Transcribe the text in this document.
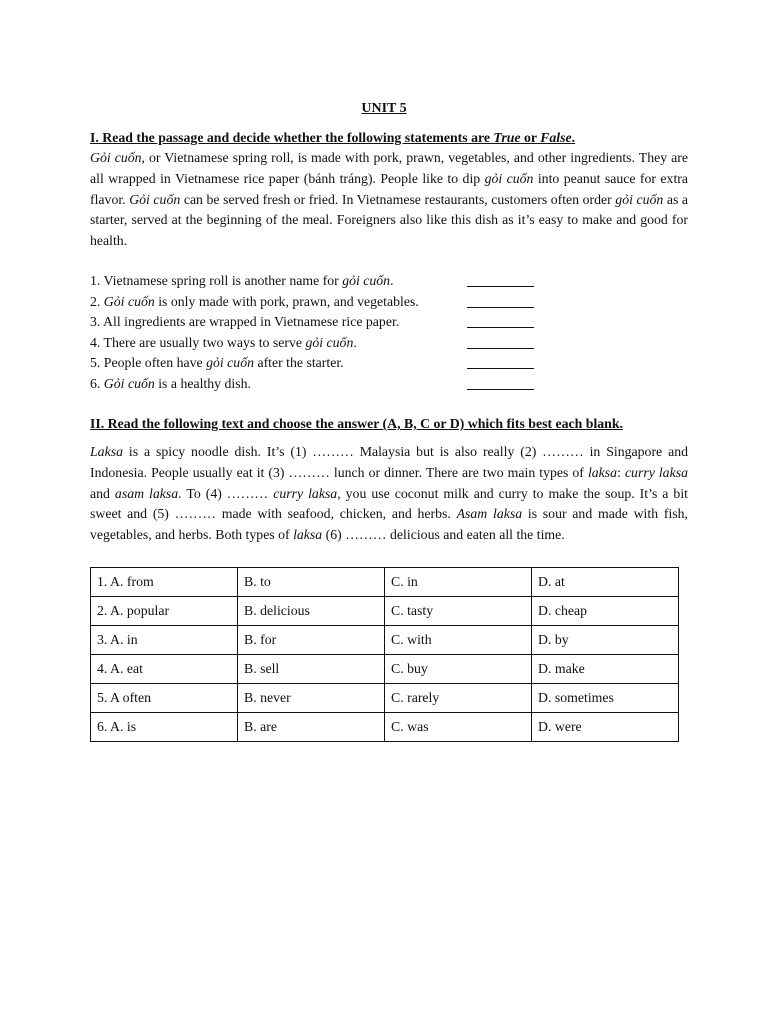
UNIT 5
I. Read the passage and decide whether the following statements are True or False.
Gỏi cuốn, or Vietnamese spring roll, is made with pork, prawn, vegetables, and other ingredients. They are all wrapped in Vietnamese rice paper (bánh tráng). People like to dip gỏi cuốn into peanut sauce for extra flavor. Gỏi cuốn can be served fresh or fried. In Vietnamese restaurants, customers often order gỏi cuốn as a starter, served at the beginning of the meal. Foreigners also like this dish as it’s easy to make and good for health.
1. Vietnamese spring roll is another name for gỏi cuốn.
2. Gỏi cuốn is only made with pork, prawn, and vegetables.
3. All ingredients are wrapped in Vietnamese rice paper.
4. There are usually two ways to serve gỏi cuốn.
5. People often have gỏi cuốn after the starter.
6. Gỏi cuốn is a healthy dish.
II. Read the following text and choose the answer (A, B, C or D) which fits best each blank.
Laksa is a spicy noodle dish. It’s (1) ……… Malaysia but is also really (2) ……… in Singapore and Indonesia. People usually eat it (3) ……… lunch or dinner. There are two main types of laksa: curry laksa and asam laksa. To (4) ……… curry laksa, you use coconut milk and curry to make the soup. It’s a bit sweet and (5) ……… made with seafood, chicken, and herbs. Asam laksa is sour and made with fish, vegetables, and herbs. Both types of laksa (6) ……… delicious and eaten all the time.
1. A. from	B. to	C. in	D. at
2. A. popular	B. delicious	C. tasty	D. cheap
3. A. in	B. for	C. with	D. by
4. A. eat	B. sell	C. buy	D. make
5. A often	B. never	C. rarely	D. sometimes
6. A. is	B. are	C. was	D. were
